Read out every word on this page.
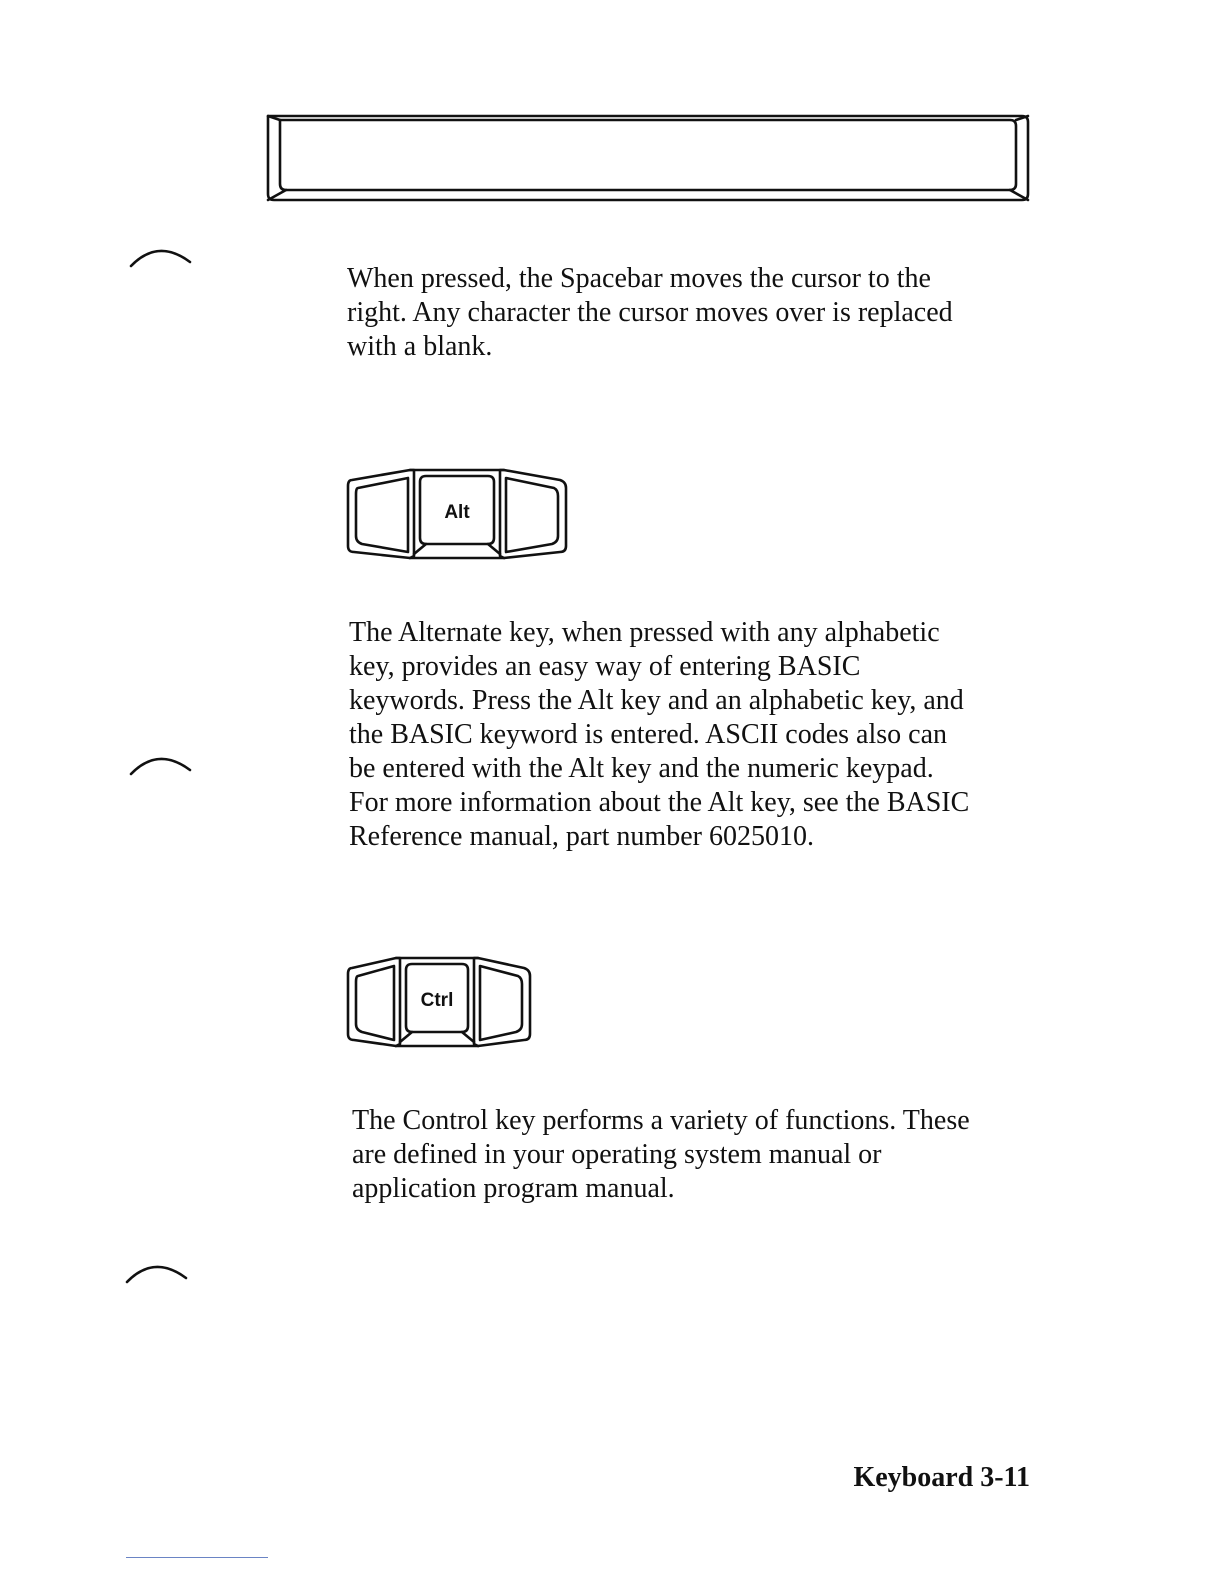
When pressed, the Spacebar moves the cursor to the
right. Any character the cursor moves over is replaced
with a blank.

Alt

The Alternate key, when pressed with any alphabetic
key, provides an easy way of entering BASIC
keywords. Press the Alt key and an alphabetic key, and
the BASIC keyword is entered. ASCII codes also can
be entered with the Alt key and the numeric keypad.
For more information about the Alt key, see the BASIC
Reference manual, part number 6025010.

Ctrl

The Control key performs a variety of functions. These
are defined in your operating system manual or
application program manual.

Keyboard 3-11
